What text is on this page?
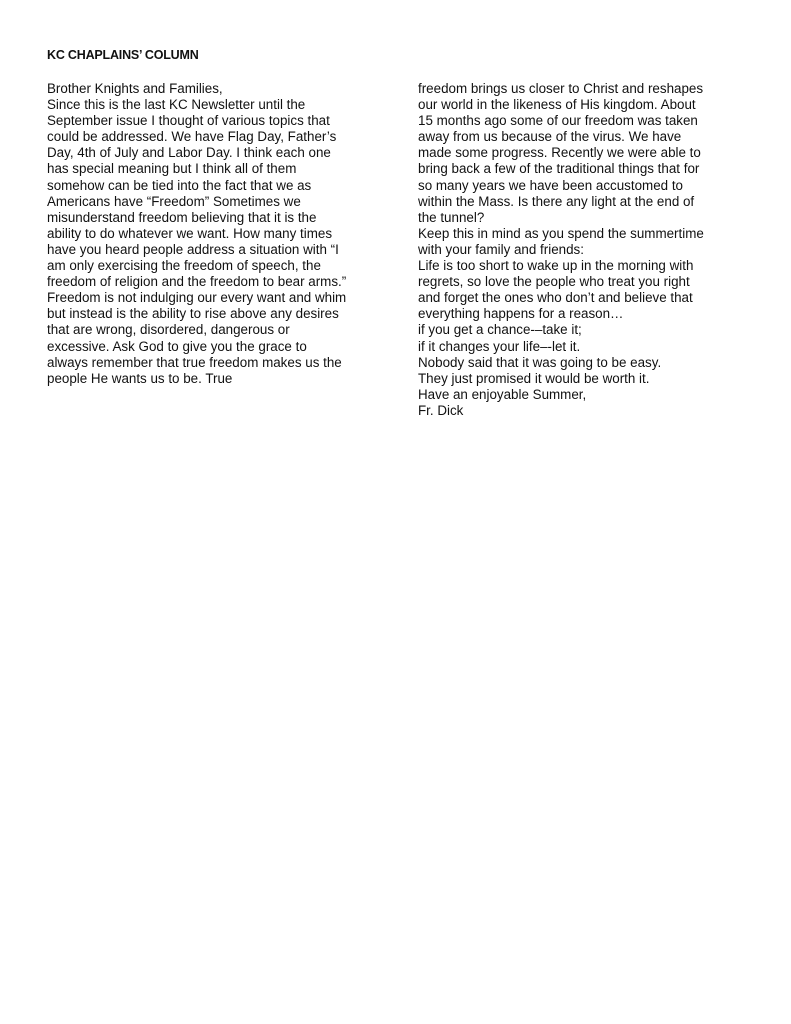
KC CHAPLAINS’ COLUMN
Brother Knights and Families,
Since this is the last KC Newsletter until the
September issue I thought of various topics that
could be addressed. We have Flag Day, Father’s
Day, 4th of July and Labor Day. I think each one
has special meaning but I think all of them
somehow can be tied into the fact that we as
Americans have “Freedom” Sometimes we
misunderstand freedom believing that it is the
ability to do whatever we want. How many times
have you heard people address a situation with “I
am only exercising the freedom of speech, the
freedom of religion and the freedom to bear arms.”
Freedom is not indulging our every want and whim
but instead is the ability to rise above any desires
that are wrong, disordered, dangerous or
excessive. Ask God to give you the grace to
always remember that true freedom makes us the
people He wants us to be. True
freedom brings us closer to Christ and reshapes
our world in the likeness of His kingdom. About
15 months ago some of our freedom was taken
away from us because of the virus. We have
made some progress. Recently we were able to
bring back a few of the traditional things that for
so many years we have been accustomed to
within the Mass. Is there any light at the end of
the tunnel?
Keep this in mind as you spend the summertime
with your family and friends:
Life is too short to wake up in the morning with
regrets, so love the people who treat you right
and forget the ones who don’t and believe that
everything happens for a reason…
if you get a chance-–take it;
if it changes your life–-let it.
Nobody said that it was going to be easy.
They just promised it would be worth it.
Have an enjoyable Summer,
Fr. Dick
